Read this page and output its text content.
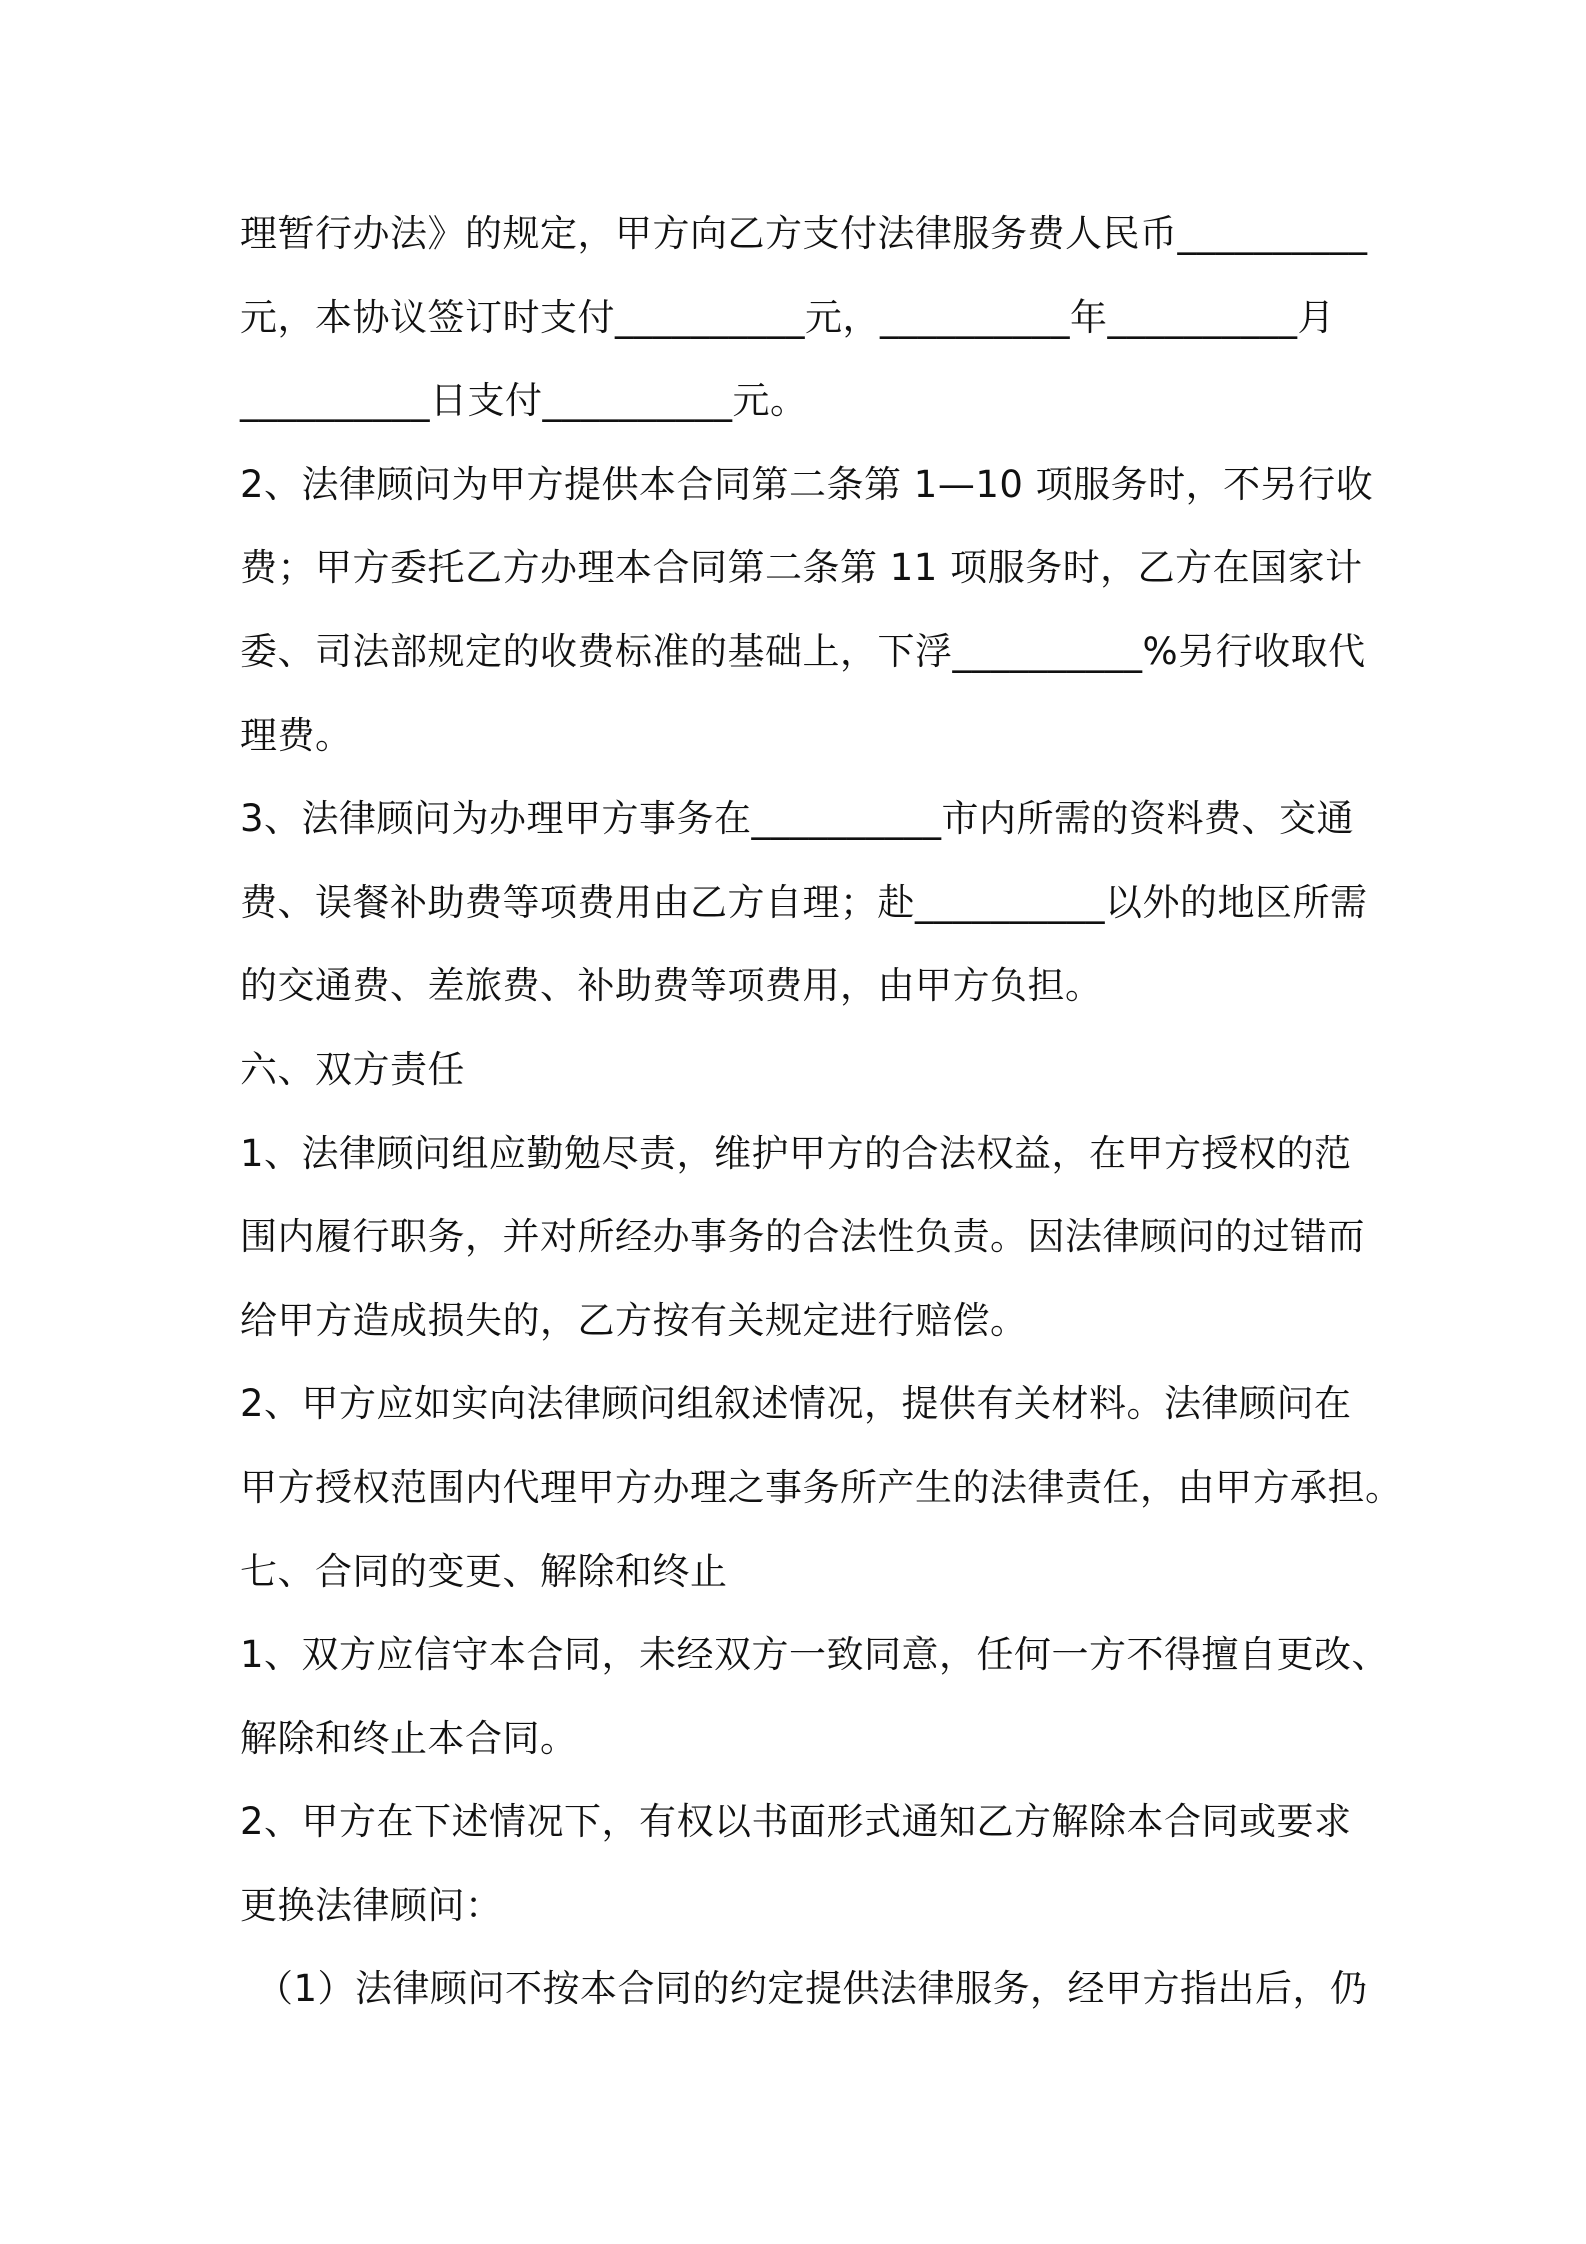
理暂行办法》的规定，甲方向乙方支付法律服务费人民币__________
元，本协议签订时支付__________元，__________年__________月
__________日支付__________元。
2、法律顾问为甲方提供本合同第二条第 1—10 项服务时，不另行收
费；甲方委托乙方办理本合同第二条第 11 项服务时，乙方在国家计
委、司法部规定的收费标准的基础上，下浮__________%另行收取代
理费。
3、法律顾问为办理甲方事务在__________市内所需的资料费、交通
费、误餐补助费等项费用由乙方自理；赴__________以外的地区所需
的交通费、差旅费、补助费等项费用，由甲方负担。
六、双方责任
1、法律顾问组应勤勉尽责，维护甲方的合法权益，在甲方授权的范
围内履行职务，并对所经办事务的合法性负责。因法律顾问的过错而
给甲方造成损失的，乙方按有关规定进行赔偿。
2、甲方应如实向法律顾问组叙述情况，提供有关材料。法律顾问在
甲方授权范围内代理甲方办理之事务所产生的法律责任，由甲方承担。
七、合同的变更、解除和终止
1、双方应信守本合同，未经双方一致同意，任何一方不得擅自更改、
解除和终止本合同。
2、甲方在下述情况下，有权以书面形式通知乙方解除本合同或要求
更换法律顾问：
（1）法律顾问不按本合同的约定提供法律服务，经甲方指出后，仍
